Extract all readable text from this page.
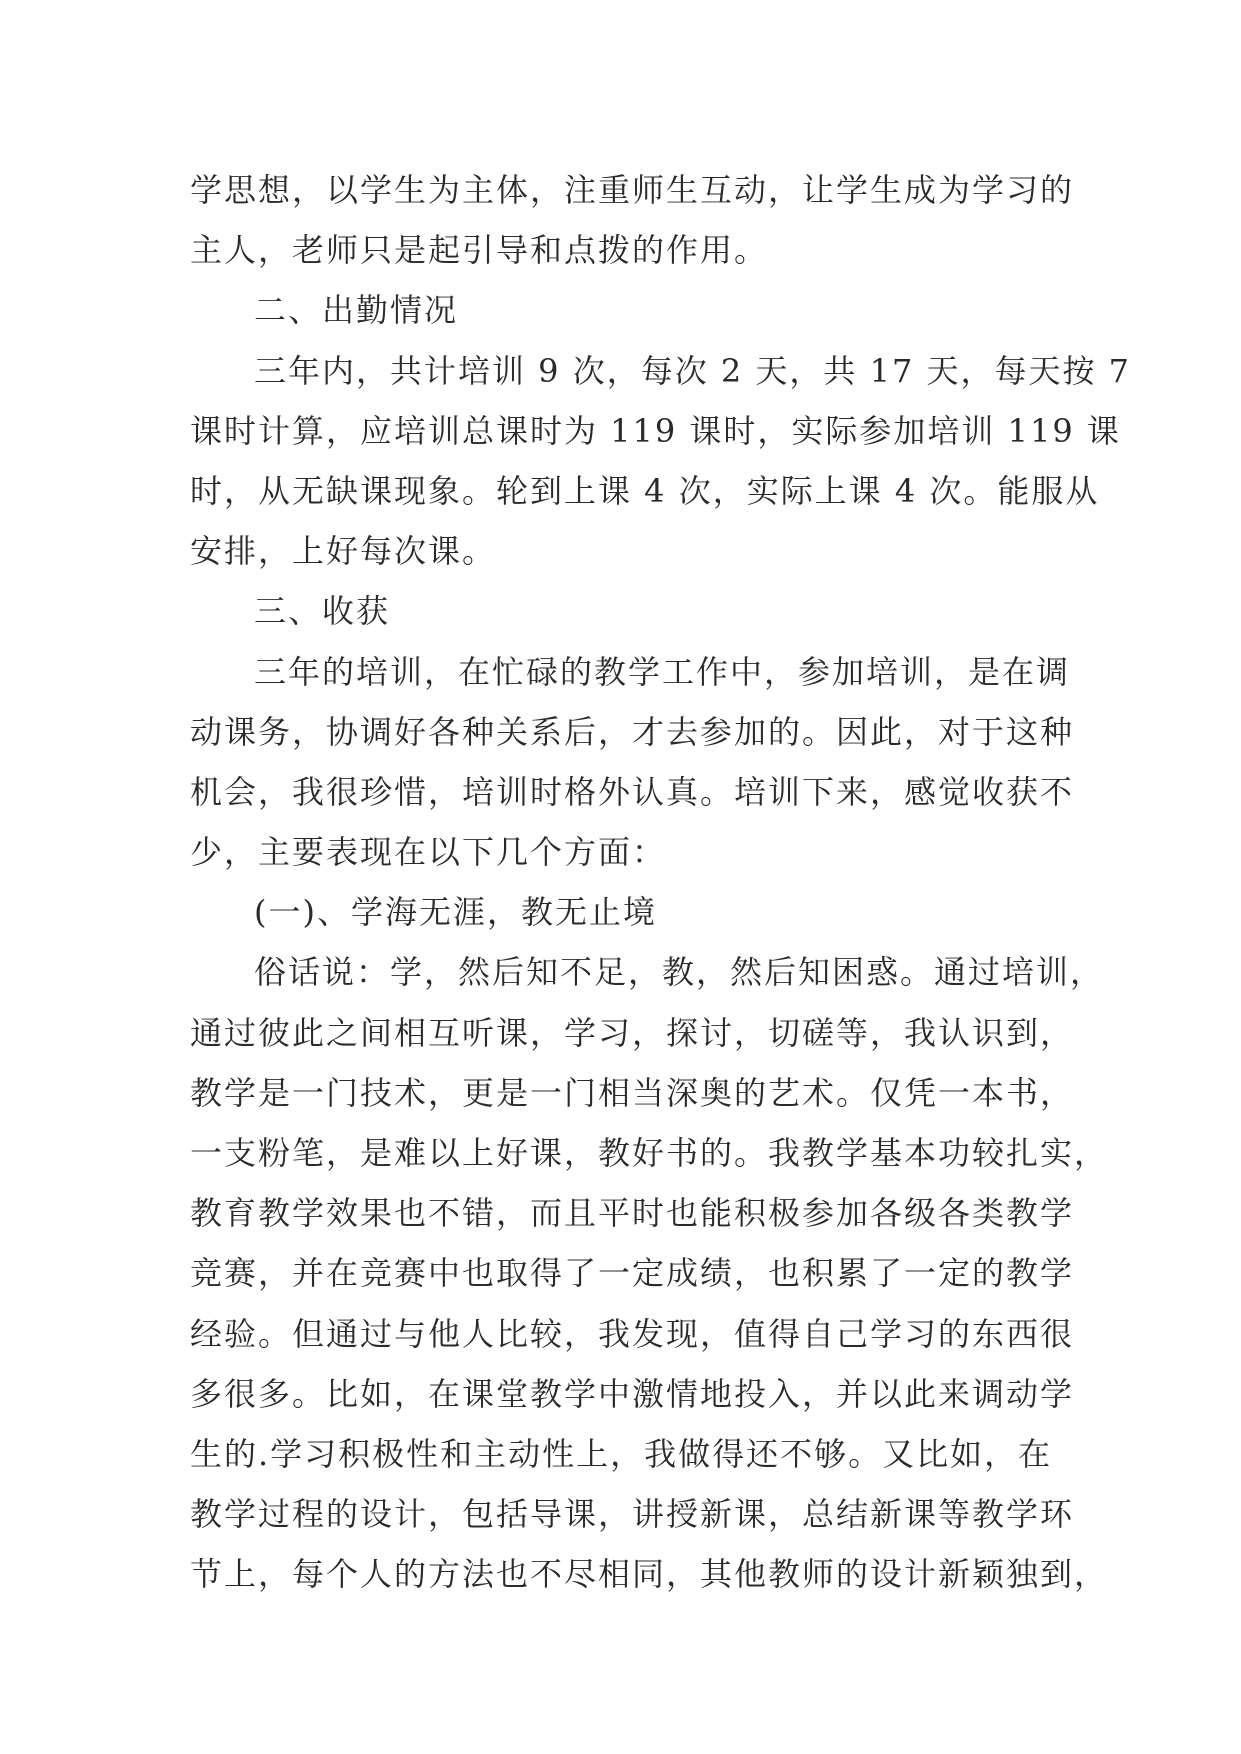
学思想，以学生为主体，注重师生互动，让学生成为学习的
主人，老师只是起引导和点拨的作用。
二、出勤情况
三年内，共计培训 9 次，每次 2 天，共 17 天，每天按 7
课时计算，应培训总课时为 119 课时，实际参加培训 119 课
时，从无缺课现象。轮到上课 4 次，实际上课 4 次。能服从
安排，上好每次课。
三、收获
三年的培训，在忙碌的教学工作中，参加培训，是在调
动课务，协调好各种关系后，才去参加的。因此，对于这种
机会，我很珍惜，培训时格外认真。培训下来，感觉收获不
少，主要表现在以下几个方面：
(一)、学海无涯，教无止境
俗话说：学，然后知不足，教，然后知困惑。通过培训，
通过彼此之间相互听课，学习，探讨，切磋等，我认识到，
教学是一门技术，更是一门相当深奥的艺术。仅凭一本书，
一支粉笔，是难以上好课，教好书的。我教学基本功较扎实，
教育教学效果也不错，而且平时也能积极参加各级各类教学
竞赛，并在竞赛中也取得了一定成绩，也积累了一定的教学
经验。但通过与他人比较，我发现，值得自己学习的东西很
多很多。比如，在课堂教学中激情地投入，并以此来调动学
生的.学习积极性和主动性上，我做得还不够。又比如，在
教学过程的设计，包括导课，讲授新课，总结新课等教学环
节上，每个人的方法也不尽相同，其他教师的设计新颖独到，
